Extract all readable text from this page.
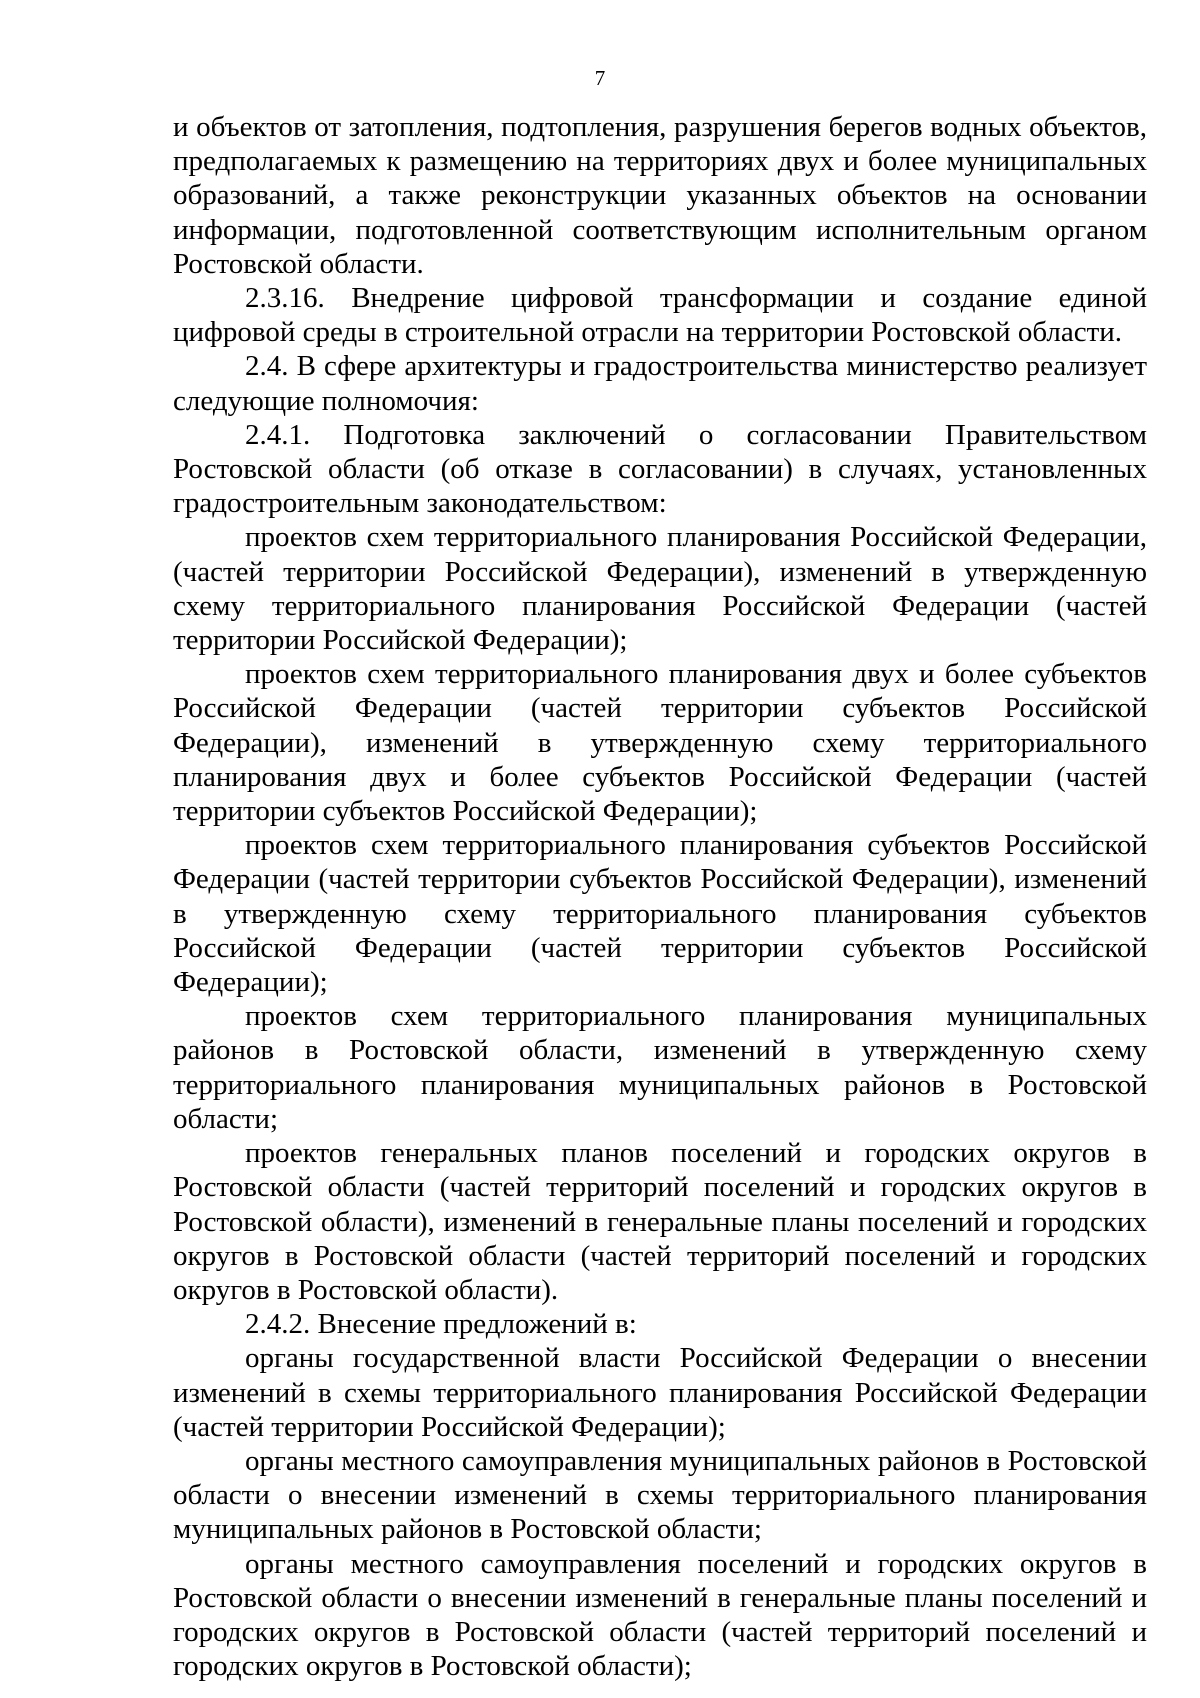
7

и объектов от затопления, подтопления, разрушения берегов водных объектов, предполагаемых к размещению на территориях двух и более муниципальных образований, а также реконструкции указанных объектов на основании информации, подготовленной соответствующим исполнительным органом Ростовской области.

2.3.16. Внедрение цифровой трансформации и создание единой цифровой среды в строительной отрасли на территории Ростовской области.

2.4. В сфере архитектуры и градостроительства министерство реализует следующие полномочия:

2.4.1. Подготовка заключений о согласовании Правительством Ростовской области (об отказе в согласовании) в случаях, установленных градостроительным законодательством:

проектов схем территориального планирования Российской Федерации, (частей территории Российской Федерации), изменений в утвержденную схему территориального планирования Российской Федерации (частей территории Российской Федерации);

проектов схем территориального планирования двух и более субъектов Российской Федерации (частей территории субъектов Российской Федерации), изменений в утвержденную схему территориального планирования двух и более субъектов Российской Федерации (частей территории субъектов Российской Федерации);

проектов схем территориального планирования субъектов Российской Федерации (частей территории субъектов Российской Федерации), изменений в утвержденную схему территориального планирования субъектов Российской Федерации (частей территории субъектов Российской Федерации);

проектов схем территориального планирования муниципальных районов в Ростовской области, изменений в утвержденную схему территориального планирования муниципальных районов в Ростовской области;

проектов генеральных планов поселений и городских округов в Ростовской области (частей территорий поселений и городских округов в Ростовской области), изменений в генеральные планы поселений и городских округов в Ростовской области (частей территорий поселений и городских округов в Ростовской области).

2.4.2. Внесение предложений в:

органы государственной власти Российской Федерации о внесении изменений в схемы территориального планирования Российской Федерации (частей территории Российской Федерации);

органы местного самоуправления муниципальных районов в Ростовской области о внесении изменений в схемы территориального планирования муниципальных районов в Ростовской области;

органы местного самоуправления поселений и городских округов в Ростовской области о внесении изменений в генеральные планы поселений и городских округов в Ростовской области (частей территорий поселений и городских округов в Ростовской области);
